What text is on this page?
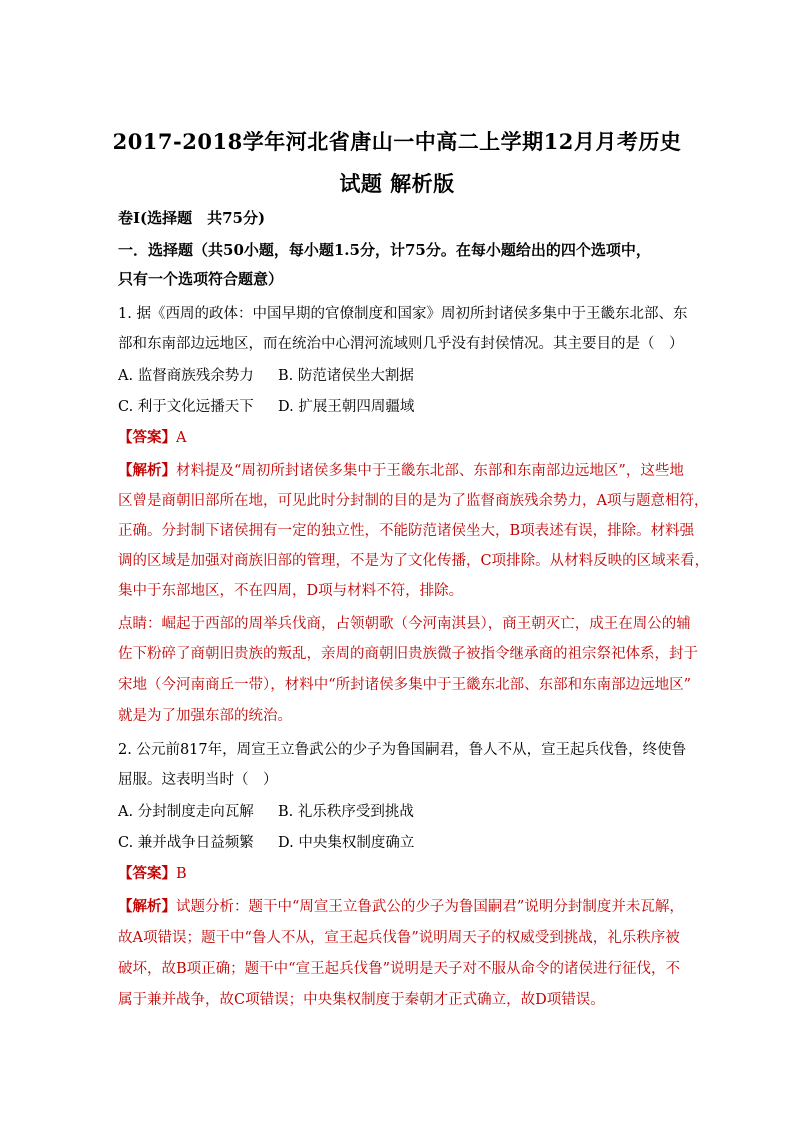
2017-2018学年河北省唐山一中高二上学期12月月考历史
试题 解析版
卷Ⅰ(选择题　共75分)
一．选择题（共50小题，每小题1.5分，计75分。在每小题给出的四个选项中，
只有一个选项符合题意）
1. 据《西周的政体：中国早期的官僚制度和国家》周初所封诸侯多集中于王畿东北部、东
部和东南部边远地区，而在统治中心渭河流域则几乎没有封侯情况。其主要目的是（　）
A. 监督商族残余势力 B. 防范诸侯坐大割据
C. 利于文化远播天下 D. 扩展王朝四周疆域
【答案】A
【解析】材料提及“周初所封诸侯多集中于王畿东北部、东部和东南部边远地区”，这些地
区曾是商朝旧部所在地，可见此时分封制的目的是为了监督商族残余势力，A项与题意相符，
正确。分封制下诸侯拥有一定的独立性，不能防范诸侯坐大，B项表述有误，排除。材料强
调的区域是加强对商族旧部的管理，不是为了文化传播，C项排除。从材料反映的区域来看，
集中于东部地区，不在四周，D项与材料不符，排除。
点睛：崛起于西部的周举兵伐商，占领朝歌（今河南淇县），商王朝灭亡，成王在周公的辅
佐下粉碎了商朝旧贵族的叛乱，亲周的商朝旧贵族微子被指令继承商的祖宗祭祀体系，封于
宋地（今河南商丘一带），材料中“所封诸侯多集中于王畿东北部、东部和东南部边远地区”
就是为了加强东部的统治。
2. 公元前817年，周宣王立鲁武公的少子为鲁国嗣君，鲁人不从，宣王起兵伐鲁，终使鲁
屈服。这表明当时（　）
A. 分封制度走向瓦解 B. 礼乐秩序受到挑战
C. 兼并战争日益频繁 D. 中央集权制度确立
【答案】B
【解析】试题分析：题干中“周宣王立鲁武公的少子为鲁国嗣君”说明分封制度并未瓦解，
故A项错误；题干中“鲁人不从，宣王起兵伐鲁”说明周天子的权威受到挑战，礼乐秩序被
破坏，故B项正确；题干中“宣王起兵伐鲁”说明是天子对不服从命令的诸侯进行征伐，不
属于兼并战争，故C项错误；中央集权制度于秦朝才正式确立，故D项错误。
